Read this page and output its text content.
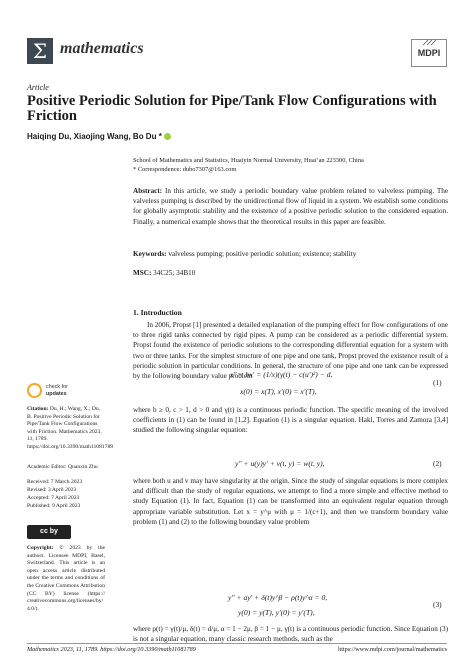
Σ mathematics	⟋⟋⟋
MDPI
Article
Positive Periodic Solution for Pipe/Tank Flow Configurations with Friction
Haiqing Du, Xiaojing Wang, Bo Du *
School of Mathematics and Statistics, Huaiyin Normal University, Huai’an 223300, China
* Correspondence: dubo7307@163.com
Abstract: In this article, we study a periodic boundary value problem related to valveless pumping. The valveless pumping is described by the unidirectional flow of liquid in a system. We establish some conditions for globally asymptotic stability and the existence of a positive periodic solution to the considered equation. Finally, a numerical example shows that the theoretical results in this paper are feasible.
Keywords: valveless pumping; positive periodic solution; existence; stability
MSC: 34C25; 34B10
1. Introduction
In 2006, Propst [1] presented a detailed explanation of the pumping effect for flow configurations of one to three rigid tanks connected by rigid pipes. A pump can be considered as a periodic differential system. Propst found the existence of periodic solutions to the corresponding differential equation for a system with two or three tanks. For the simplest structure of one pipe and one tank, Propst proved the existence result of a periodic solution in particular conditions. In general, the structure of one pipe and one tank can be expressed by the following boundary value problem
x″ + bx′ = (1/x)(γ(t) − c(u′)²) − d,
x(0) = x(T), x′(0) = x′(T),
(1)
where b ≥ 0, c > 1, d > 0 and γ(t) is a continuous periodic function. The specific meaning of the involved coefficients in (1) can be found in [1,2]. Equation (1) is a singular equation. Hakl, Torres and Zamora [3,4] studied the following singular equation:
y″ + u(y)y′ + v(t, y) = w(t, y),	(2)
where both u and v may have singularity at the origin. Since the study of singular equations is more complex and difficult than the study of regular equations, we attempt to find a more simple and effective method to study Equation (1). In fact, Equation (1) can be transformed into an equivalent regular equation through appropriate variable substitution. Let x = y^μ with μ = 1/(c+1), and then we transform boundary value problem (1) and (2) to the following boundary value problem
y″ + ay′ + δ(t)y^β − ρ(t)y^α = 0,
y(0) = y(T), y′(0) = y′(T),
(3)
where ρ(t) = γ(t)/μ, δ(t) = d/μ, α = 1 − 2μ, β = 1 − μ, γ(t) is a continuous periodic function. Since Equation (3) is not a singular equation, many classic research methods, such as the
check for
updates
Citation: Du, H.; Wang, X.; Du, B. Positive Periodic Solution for Pipe/Tank Flow Configurations with Friction. Mathematics 2023, 11, 1789. https://doi.org/10.3390/math11081789
Academic Editor: Quanxin Zhu
Received: 7 March 2023
Revised: 3 April 2023
Accepted: 7 April 2023
Published: 9 April 2023
cc by
Copyright: © 2023 by the authors. Licensee MDPI, Basel, Switzerland. This article is an open access article distributed under the terms and conditions of the Creative Commons Attribution (CC BY) license (https:// creativecommons.org/licenses/by/ 4.0/).
Mathematics 2023, 11, 1789. https://doi.org/10.3390/math11081789	https://www.mdpi.com/journal/mathematics
